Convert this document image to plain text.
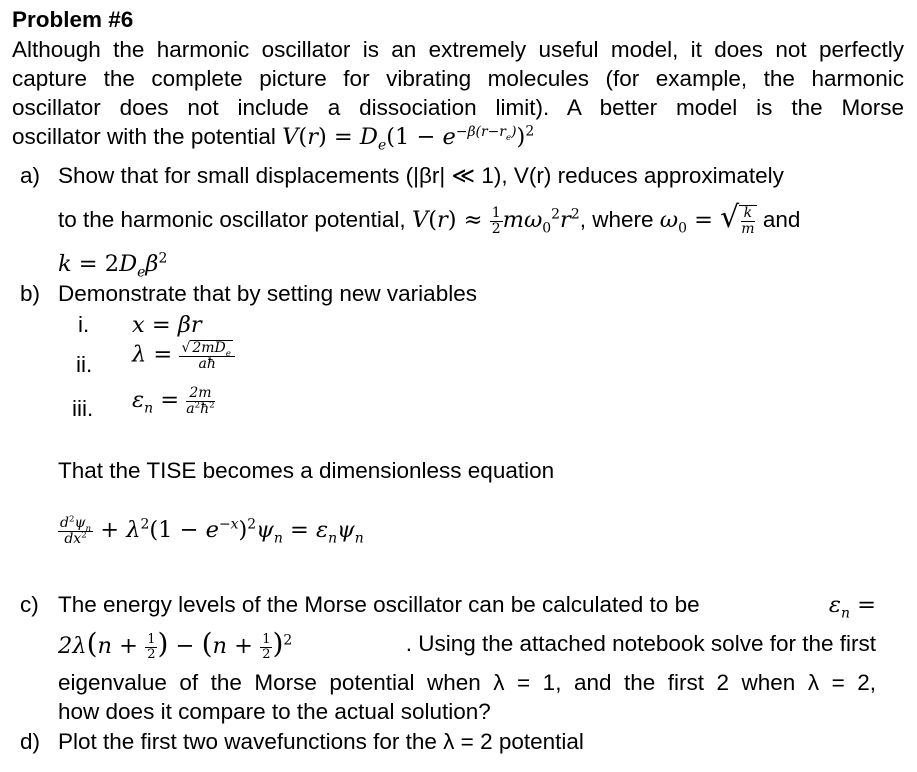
Problem #6
Although the harmonic oscillator is an extremely useful model, it does not perfectly
capture the complete picture for vibrating molecules (for example, the harmonic
oscillator does not include a dissociation limit). A better model is the Morse
oscillator with the potential $V(r) = D_e(1 - e^{-\beta(r-r_e)})^2$
a) Show that for small displacements (|βr| ≪ 1), V(r) reduces approximately
to the harmonic oscillator potential, $V(r) \approx \frac{1}{2} m\omega_0^2r^2$, where $\omega_0$ = √ $\frac{k}{m}$ and
$k = 2D_e\beta^2$
b) Demonstrate that by setting new variables
i. x = βr
ii. $\lambda = \frac{√ 2mD_e}{aħ}$
iii. $\varepsilon_n = \frac{2m}{a^2ħ^2}$
That the TISE becomes a dimensionless equation
$\frac{d^2\psi_n}{dx^2} + \lambda^2(1 - e^{-x})^2\psi_n = \varepsilon_n\psi_n$
c) The energy levels of the Morse oscillator can be calculated to be	$\varepsilon_n$ =
$2\lambda(n + \frac{1}{2}$ ) − $(n + \frac{1}{2} )^2$	. Using the attached notebook solve for the first
eigenvalue of the Morse potential when λ = 1, and the first 2 when λ = 2,
how does it compare to the actual solution?
d) Plot the first two wavefunctions for the λ = 2 potential
